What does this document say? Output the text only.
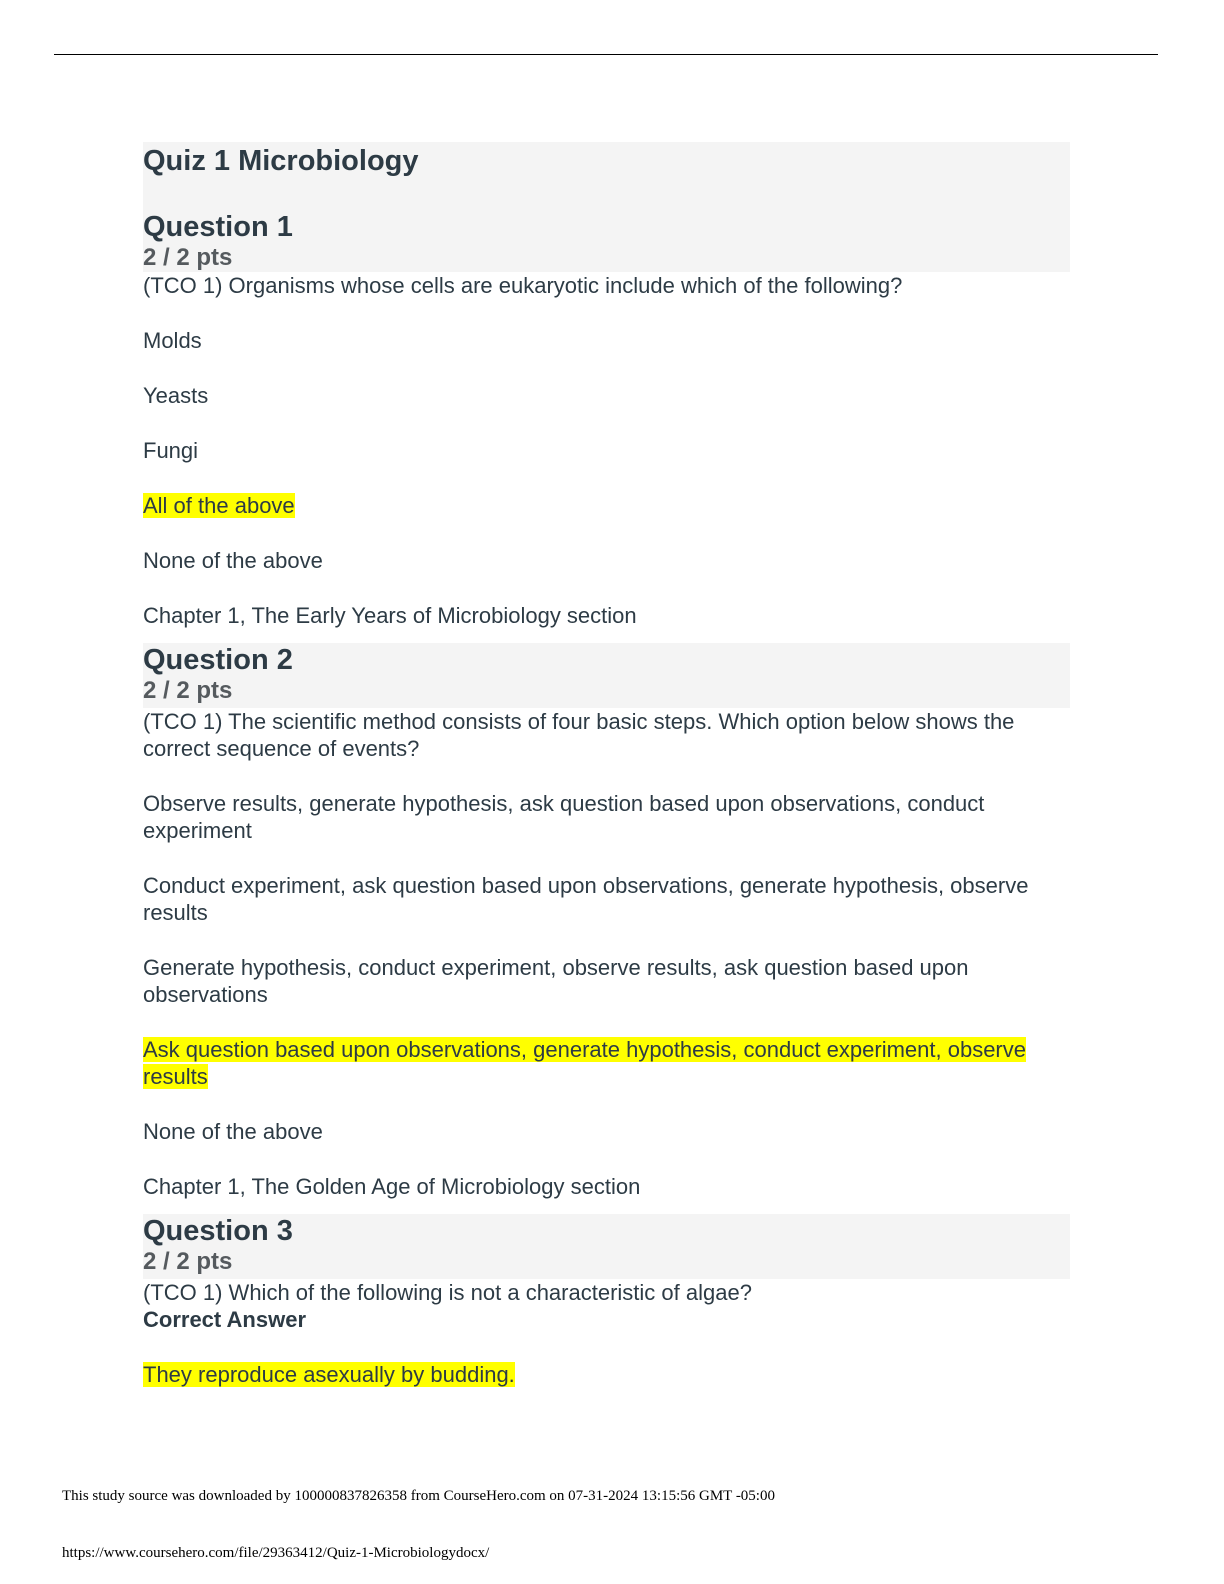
Quiz 1 Microbiology

Question 1

2 / 2 pts

(TCO 1) Organisms whose cells are eukaryotic include which of the following?

Molds

Yeasts

Fungi

All of the above

None of the above

Chapter 1, The Early Years of Microbiology section

Question 2

2 / 2 pts

(TCO 1) The scientific method consists of four basic steps. Which option below shows the correct sequence of events?

Observe results, generate hypothesis, ask question based upon observations, conduct experiment

Conduct experiment, ask question based upon observations, generate hypothesis, observe results

Generate hypothesis, conduct experiment, observe results, ask question based upon observations

Ask question based upon observations, generate hypothesis, conduct experiment, observe results

None of the above

Chapter 1, The Golden Age of Microbiology section

Question 3

2 / 2 pts

(TCO 1) Which of the following is not a characteristic of algae?

Correct Answer

They reproduce asexually by budding.

This study source was downloaded by 100000837826358 from CourseHero.com on 07-31-2024 13:15:56 GMT -05:00
https://www.coursehero.com/file/29363412/Quiz-1-Microbiologydocx/
